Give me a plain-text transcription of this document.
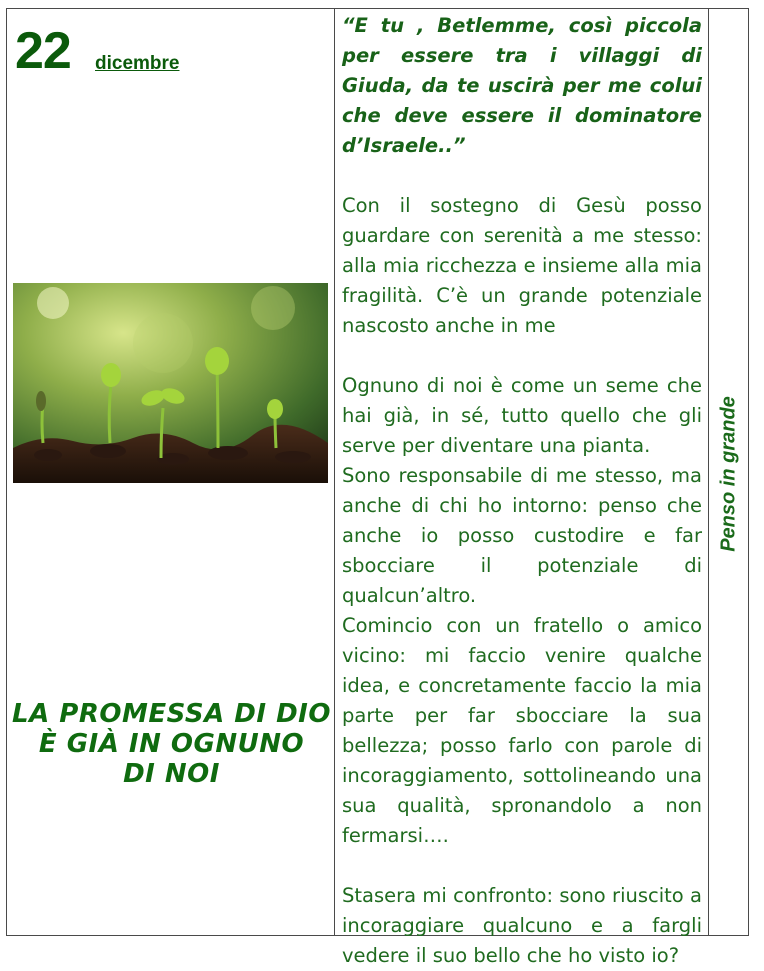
22 dicembre
LA PROMESSA DI DIO
È GIÀ IN OGNUNO
DI NOI

“E tu , Betlemme, così piccola per essere tra i villaggi di Giuda, da te uscirà per me colui che deve essere il dominatore d’Israele..”

Con il sostegno di Gesù posso guardare con serenità a me stesso: alla mia ricchezza e insieme alla mia fragilità. C’è un grande potenziale nascosto anche in me

Ognuno di noi è come un seme che hai già, in sé, tutto quello che gli serve per diventare una pianta.

Sono responsabile di me stesso, ma anche di chi ho intorno: penso che anche io posso custodire e far sbocciare il potenziale di qualcun’altro.

Comincio con un fratello o amico vicino: mi faccio venire qualche idea, e concretamente faccio la mia parte per far sbocciare la sua bellezza; posso farlo con parole di incoraggiamento, sottolineando una sua qualità, spronandolo a non fermarsi….

Stasera mi confronto: sono riuscito a incoraggiare qualcuno e a fargli vedere il suo bello che ho visto io?

Penso in grande
